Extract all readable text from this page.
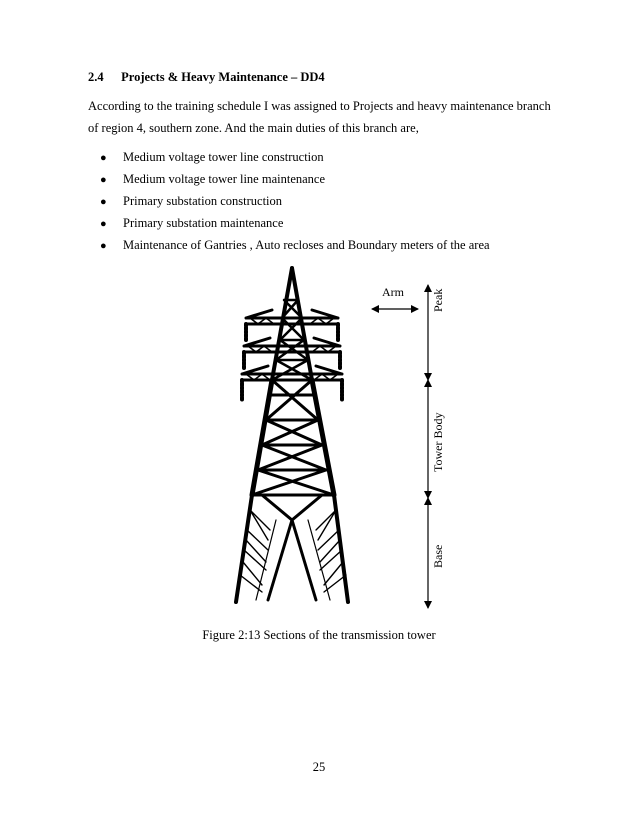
2.4 Projects & Heavy Maintenance – DD4
According to the training schedule I was assigned to Projects and heavy maintenance branch of region 4, southern zone. And the main duties of this branch are,
● Medium voltage tower line construction
● Medium voltage tower line maintenance
● Primary substation construction
● Primary substation maintenance
● Maintenance of Gantries , Auto recloses and Boundary meters of the area
Arm Peak
Tower Body
Base
Figure 2:13 Sections of the transmission tower
25
